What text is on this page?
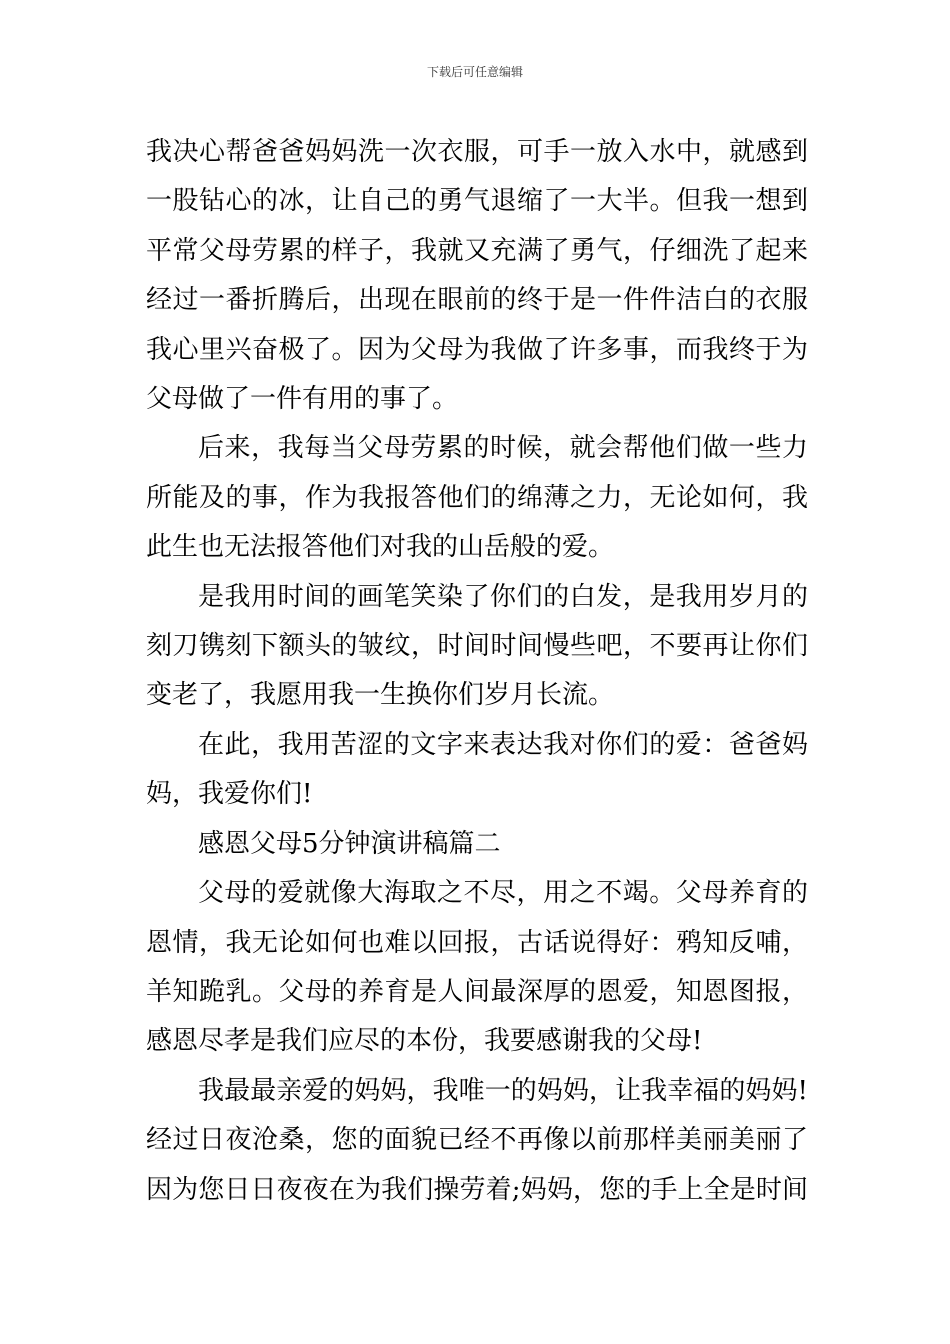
下载后可任意编辑

我决心帮爸爸妈妈洗一次衣服，可手一放入水中，就感到
一股钻心的冰，让自己的勇气退缩了一大半。但我一想到
平常父母劳累的样子，我就又充满了勇气，仔细洗了起来
经过一番折腾后，出现在眼前的终于是一件件洁白的衣服
我心里兴奋极了。因为父母为我做了许多事，而我终于为
父母做了一件有用的事了。

后来，我每当父母劳累的时候，就会帮他们做一些力
所能及的事，作为我报答他们的绵薄之力，无论如何，我
此生也无法报答他们对我的山岳般的爱。

是我用时间的画笔笑染了你们的白发，是我用岁月的
刻刀镌刻下额头的皱纹，时间时间慢些吧，不要再让你们
变老了，我愿用我一生换你们岁月长流。

在此，我用苦涩的文字来表达我对你们的爱：爸爸妈
妈，我爱你们!

感恩父母5分钟演讲稿篇二

父母的爱就像大海取之不尽，用之不竭。父母养育的
恩情，我无论如何也难以回报，古话说得好：鸦知反哺，
羊知跪乳。父母的养育是人间最深厚的恩爱，知恩图报，
感恩尽孝是我们应尽的本份，我要感谢我的父母!

我最最亲爱的妈妈，我唯一的妈妈，让我幸福的妈妈!
经过日夜沧桑，您的面貌已经不再像以前那样美丽美丽了
因为您日日夜夜在为我们操劳着;妈妈，您的手上全是时间
